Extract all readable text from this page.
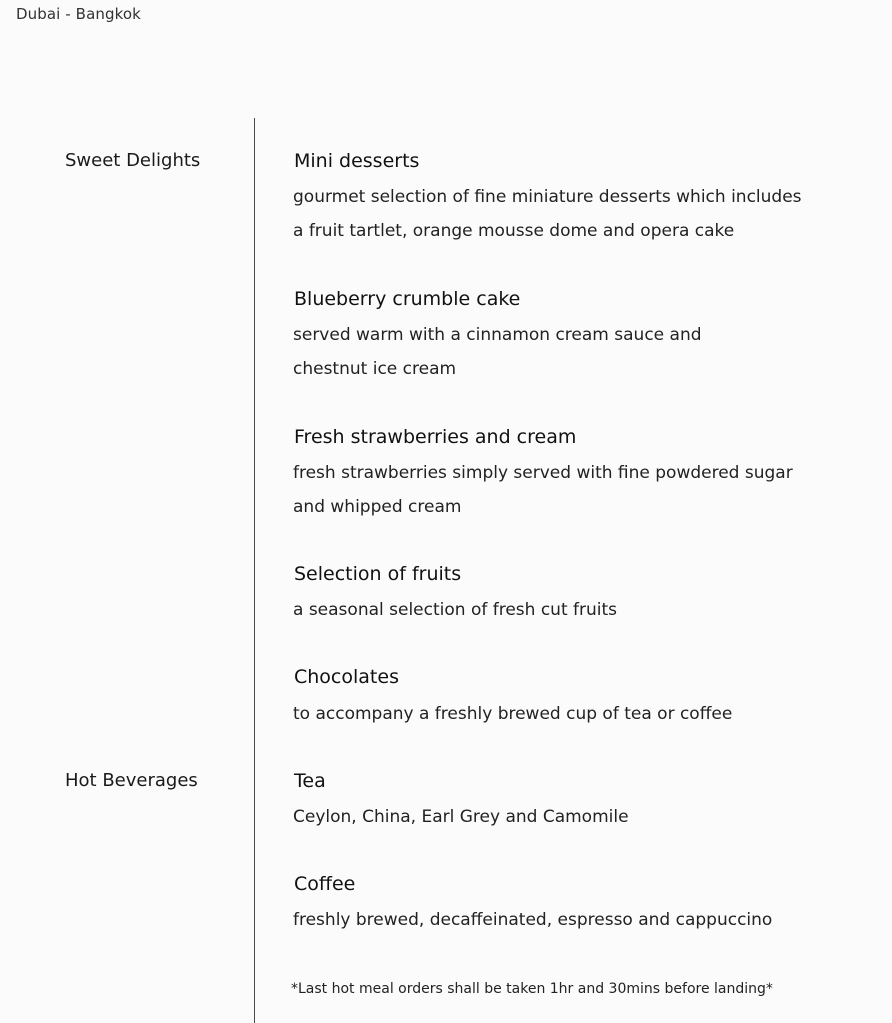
Dubai - Bangkok
Sweet Delights	Mini desserts
gourmet selection of fine miniature desserts which includes
a fruit tartlet, orange mousse dome and opera cake
Blueberry crumble cake
served warm with a cinnamon cream sauce and
chestnut ice cream
Fresh strawberries and cream
fresh strawberries simply served with fine powdered sugar
and whipped cream
Selection of fruits
a seasonal selection of fresh cut fruits
Chocolates
to accompany a freshly brewed cup of tea or coffee
Hot Beverages	Tea
Ceylon, China, Earl Grey and Camomile
Coffee
freshly brewed, decaffeinated, espresso and cappuccino
*Last hot meal orders shall be taken 1hr and 30mins before landing*
